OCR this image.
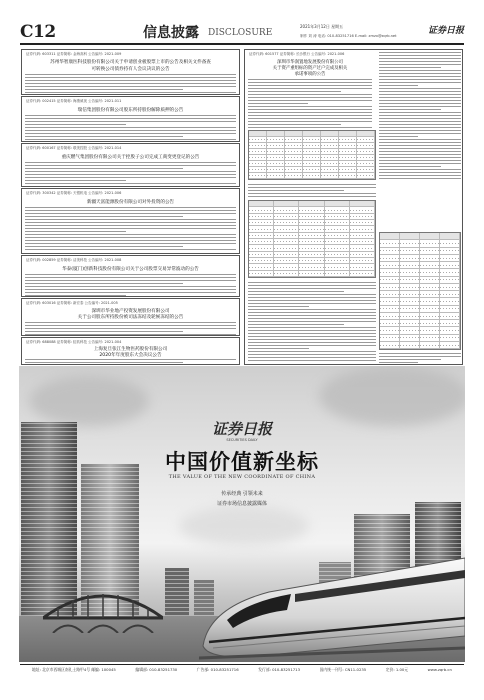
C12	信息披露 DISCLOSURE
2021年3月12日 星期五	证券日报
制作 刘 涛 电话: 010-83251716 E-mail: zmzx@zqrb.net
证券代码: 603311 证券简称: 金海高科 公告编号: 2021-009
苏州华智康医科技股份有限公司关于申请创业板股票上市的公告及相关文件备查
可转换公司债券持有人会议决议的公告
证券代码: 002415 证券简称: 海康威视 公告编号: 2021-011
瑞信集团股份有限公司股东所持股份解除质押的公告
证券代码: 600167 证券简称: 联美控股 公告编号: 2021-014
重庆燃气集团股份有限公司关于控股子公司完成工商变更登记的公告
证券代码: 300342 证券简称: 天银机电 公告编号: 2021-006
新疆天富能源股份有限公司对外投资的公告
证券代码: 002859 证券简称: 洁美科技 公告编号: 2021-008
华泰(厦门)创新科技股份有限公司关于公司股票交易异常波动的公告
证券代码: 603016 证券简称: 新宏泰 公告编号: 2021-005
深圳市华业地产投资发展股份有限公司
关于公司股东所持股份被司法冻结及轮候冻结的公告
证券代码: 688088 证券简称: 虹软科技 公告编号: 2021-004
上海复旦张江生物医药股份有限公司
2020年年度股东大会决议公告
证券代码: 601577 证券简称: 长沙银行 公告编号: 2021-006
深圳市华润置地发展股份有限公司
关于资产重组标的资产过户完成及相关
承诺事项的公告
证券日报
SECURITIES DAILY
中国价值新坐标
THE VALUE OF THE NEW COORDINATE OF CHINA
传承经典 引领未来
证券市场信息披露媒体
地址: 北京市西城区南礼士路甲4号 邮编: 100045	编辑部: 010-83251730	广告部: 010-83251716	发行部: 010-83251713	国内统一刊号: CN11-0235	定价: 1.00元	www.zqrb.cn
